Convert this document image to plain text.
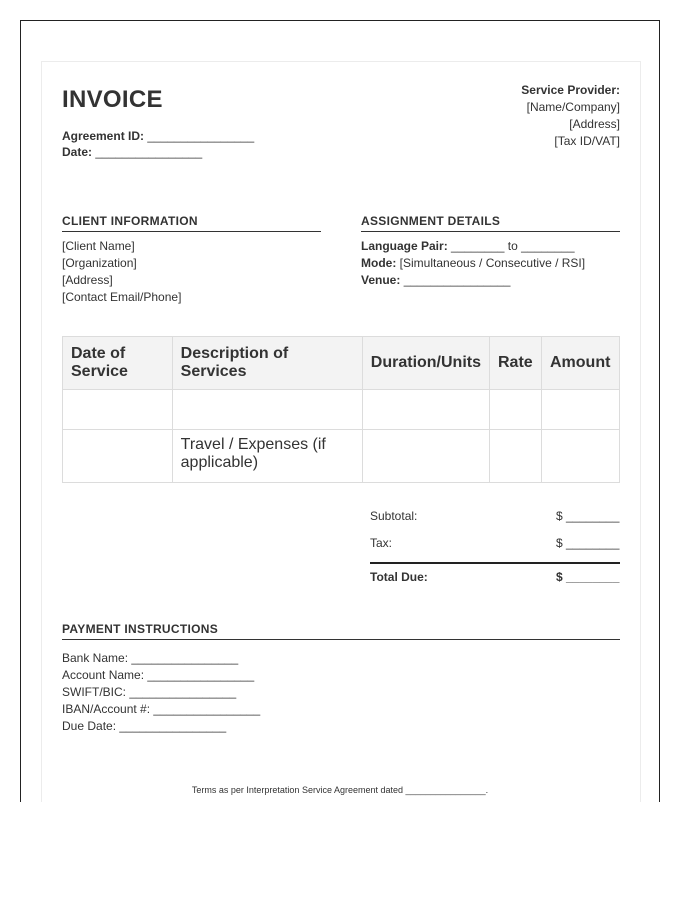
INVOICE
Agreement ID: ________________
Date: ________________
Service Provider:
[Name/Company]
[Address]
[Tax ID/VAT]
CLIENT INFORMATION
[Client Name]
[Organization]
[Address]
[Contact Email/Phone]
ASSIGNMENT DETAILS
Language Pair: ________ to ________
Mode: [Simultaneous / Consecutive / RSI]
Venue: ________________
Date of Service	Description of Services	Duration/Units	Rate	Amount

	Travel / Expenses (if applicable)			
Subtotal:	$ ________
Tax:	$ ________
Total Due:	$ ________
PAYMENT INSTRUCTIONS
Bank Name: ________________
Account Name: ________________
SWIFT/BIC: ________________
IBAN/Account #: ________________
Due Date: ________________
Terms as per Interpretation Service Agreement dated ________________.
